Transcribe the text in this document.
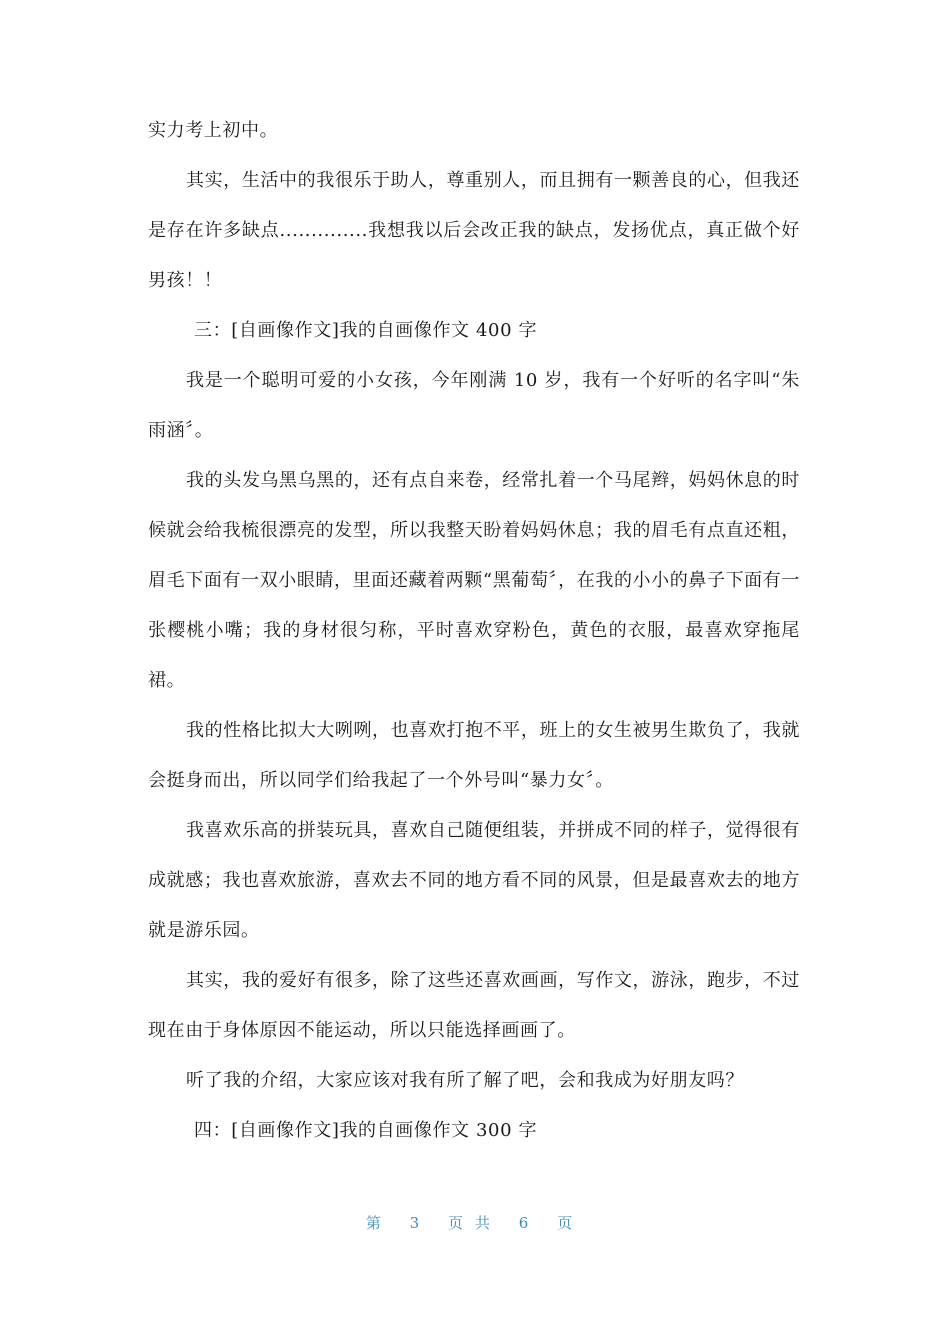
实力考上初中。

其实，生活中的我很乐于助人，尊重别人，而且拥有一颗善良的心，但我还是存在许多缺点..............我想我以后会改正我的缺点，发扬优点，真正做个好男孩！！

三：[自画像作文]我的自画像作文 400 字

我是一个聪明可爱的小女孩，今年刚满 10 岁，我有一个好听的名字叫“朱雨涵〞。

我的头发乌黑乌黑的，还有点自来卷，经常扎着一个马尾辫，妈妈休息的时候就会给我梳很漂亮的发型，所以我整天盼着妈妈休息；我的眉毛有点直还粗，眉毛下面有一双小眼睛，里面还藏着两颗“黑葡萄〞，在我的小小的鼻子下面有一张樱桃小嘴；我的身材很匀称，平时喜欢穿粉色，黄色的衣服，最喜欢穿拖尾裙。

我的性格比拟大大咧咧，也喜欢打抱不平，班上的女生被男生欺负了，我就会挺身而出，所以同学们给我起了一个外号叫“暴力女〞。

我喜欢乐高的拼装玩具，喜欢自己随便组装，并拼成不同的样子，觉得很有成就感；我也喜欢旅游，喜欢去不同的地方看不同的风景，但是最喜欢去的地方就是游乐园。

其实，我的爱好有很多，除了这些还喜欢画画，写作文，游泳，跑步，不过现在由于身体原因不能运动，所以只能选择画画了。

听了我的介绍，大家应该对我有所了解了吧，会和我成为好朋友吗？

四：[自画像作文]我的自画像作文 300 字

第 3 页共 6 页
